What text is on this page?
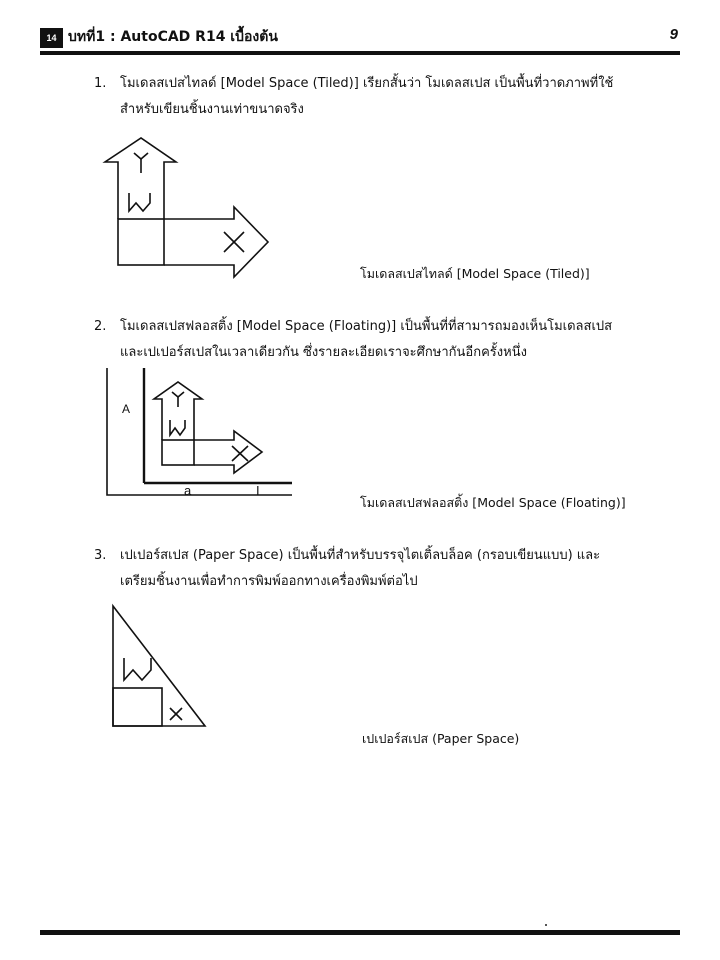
14 บทที่1 : AutoCAD R14 เบื้องต้น	9
1. โมเดลสเปสไทลด์ [Model Space (Tiled)] เรียกสั้นว่า โมเดลสเปส เป็นพื้นที่วาดภาพที่ใช้
สำหรับเขียนชิ้นงานเท่าขนาดจริง
โมเดลสเปสไทลด์ [Model Space (Tiled)]
2. โมเดลสเปสฟลอสติ้ง [Model Space (Floating)] เป็นพื้นที่ที่สามารถมองเห็นโมเดลสเปส
และเปเปอร์สเปสในเวลาเดียวกัน ซึ่งรายละเอียดเราจะศึกษากันอีกครั้งหนึ่ง
A
a	I
โมเดลสเปสฟลอสติ้ง [Model Space (Floating)]
3. เปเปอร์สเปส (Paper Space) เป็นพื้นที่สำหรับบรรจุไตเติ้ลบล็อค (กรอบเขียนแบบ) และ
เตรียมชิ้นงานเพื่อทำการพิมพ์ออกทางเครื่องพิมพ์ต่อไป
เปเปอร์สเปส (Paper Space)
